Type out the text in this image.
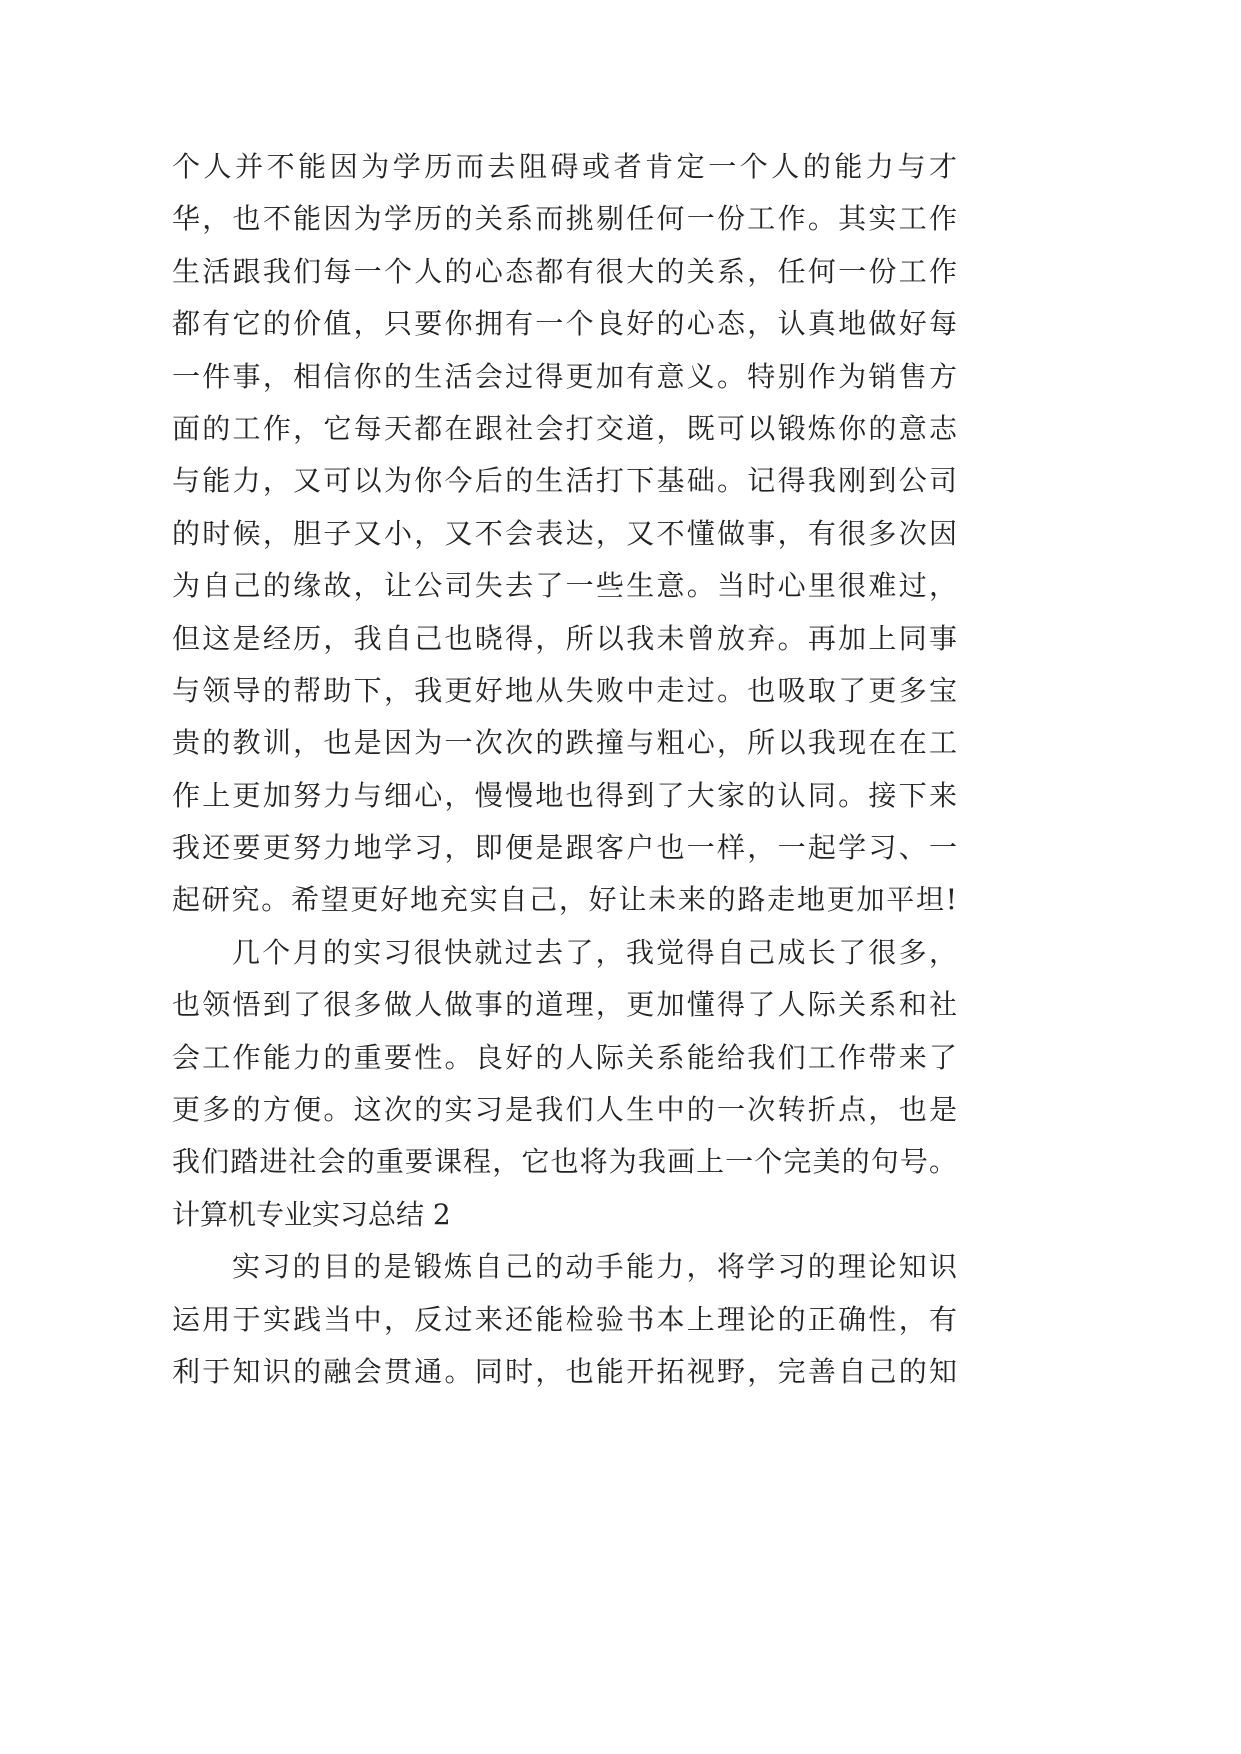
个人并不能因为学历而去阻碍或者肯定一个人的能力与才
华，也不能因为学历的关系而挑剔任何一份工作。其实工作
生活跟我们每一个人的心态都有很大的关系，任何一份工作
都有它的价值，只要你拥有一个良好的心态，认真地做好每
一件事，相信你的生活会过得更加有意义。特别作为销售方
面的工作，它每天都在跟社会打交道，既可以锻炼你的意志
与能力，又可以为你今后的生活打下基础。记得我刚到公司
的时候，胆子又小，又不会表达，又不懂做事，有很多次因
为自己的缘故，让公司失去了一些生意。当时心里很难过，
但这是经历，我自己也晓得，所以我未曾放弃。再加上同事
与领导的帮助下，我更好地从失败中走过。也吸取了更多宝
贵的教训，也是因为一次次的跌撞与粗心，所以我现在在工
作上更加努力与细心，慢慢地也得到了大家的认同。接下来
我还要更努力地学习，即便是跟客户也一样，一起学习、一
起研究。希望更好地充实自己，好让未来的路走地更加平坦!
几个月的实习很快就过去了，我觉得自己成长了很多，
也领悟到了很多做人做事的道理，更加懂得了人际关系和社
会工作能力的重要性。良好的人际关系能给我们工作带来了
更多的方便。这次的实习是我们人生中的一次转折点，也是
我们踏进社会的重要课程，它也将为我画上一个完美的句号。
计算机专业实习总结 2
实习的目的是锻炼自己的动手能力，将学习的理论知识
运用于实践当中，反过来还能检验书本上理论的正确性，有
利于知识的融会贯通。同时，也能开拓视野，完善自己的知
